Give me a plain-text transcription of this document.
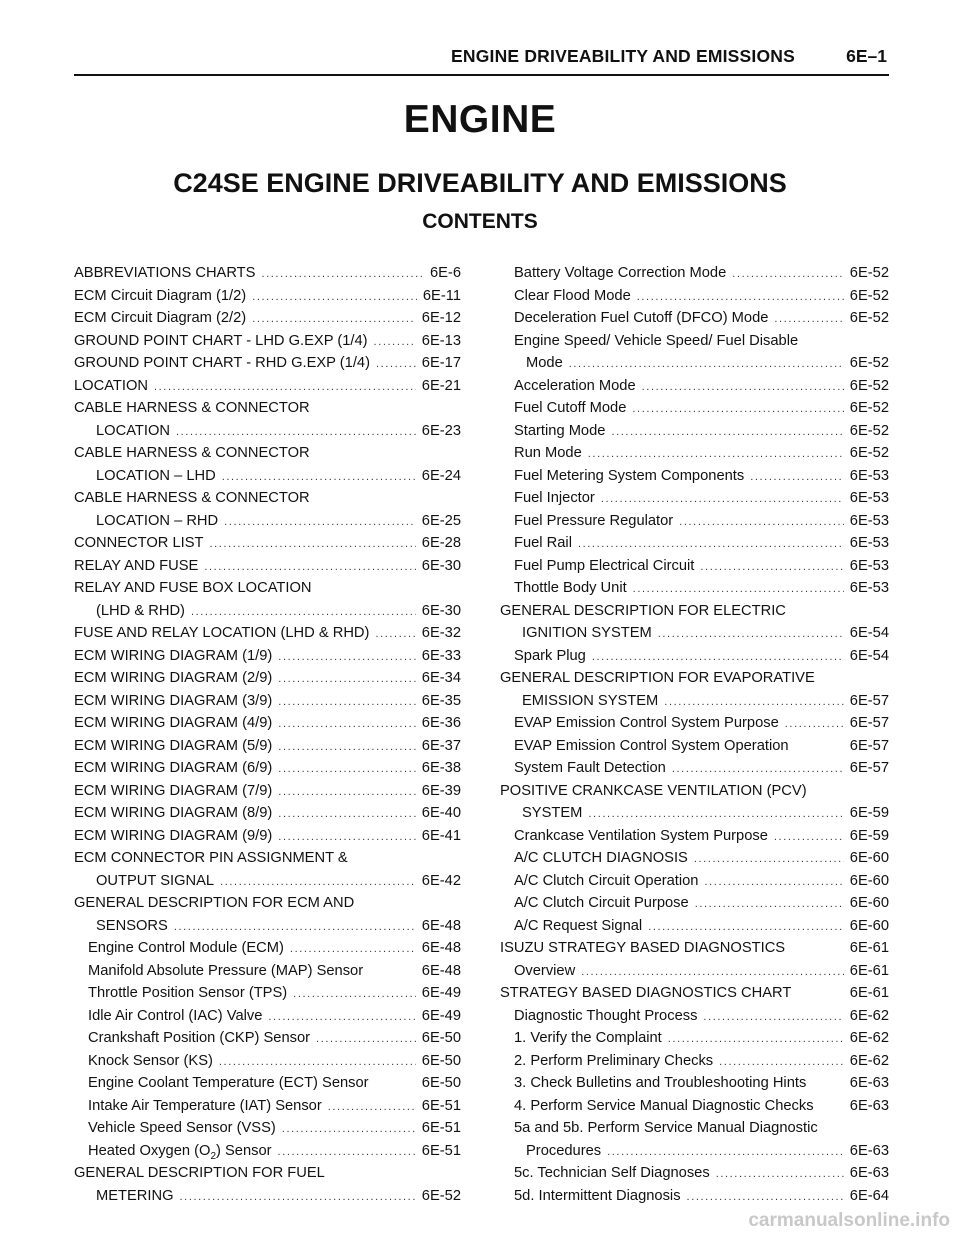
ENGINE DRIVEABILITY AND EMISSIONS	6E–1
ENGINE
C24SE ENGINE DRIVEABILITY AND EMISSIONS
CONTENTS
ABBREVIATIONS CHARTS .....	6E-6
ECM Circuit Diagram (1/2) .....	6E-11
ECM Circuit Diagram (2/2) .....	6E-12
GROUND POINT CHART - LHD G.EXP (1/4) .....	6E-13
GROUND POINT CHART - RHD G.EXP (1/4) .....	6E-17
LOCATION .....	6E-21
CABLE HARNESS & CONNECTOR
LOCATION .....	6E-23
CABLE HARNESS & CONNECTOR
LOCATION – LHD .....	6E-24
CABLE HARNESS & CONNECTOR
LOCATION – RHD .....	6E-25
CONNECTOR LIST .....	6E-28
RELAY AND FUSE .....	6E-30
RELAY AND FUSE BOX LOCATION
(LHD & RHD) .....	6E-30
FUSE AND RELAY LOCATION (LHD & RHD) .....	6E-32
ECM WIRING DIAGRAM (1/9) .....	6E-33
ECM WIRING DIAGRAM (2/9) .....	6E-34
ECM WIRING DIAGRAM (3/9) .....	6E-35
ECM WIRING DIAGRAM (4/9) .....	6E-36
ECM WIRING DIAGRAM (5/9) .....	6E-37
ECM WIRING DIAGRAM (6/9) .....	6E-38
ECM WIRING DIAGRAM (7/9) .....	6E-39
ECM WIRING DIAGRAM (8/9) .....	6E-40
ECM WIRING DIAGRAM (9/9) .....	6E-41
ECM CONNECTOR PIN ASSIGNMENT &
OUTPUT SIGNAL .....	6E-42
GENERAL DESCRIPTION FOR ECM AND
SENSORS .....	6E-48
Engine Control Module (ECM) .....	6E-48
Manifold Absolute Pressure (MAP) Sensor	6E-48
Throttle Position Sensor (TPS) .....	6E-49
Idle Air Control (IAC) Valve .....	6E-49
Crankshaft Position (CKP) Sensor .....	6E-50
Knock Sensor (KS) .....	6E-50
Engine Coolant Temperature (ECT) Sensor	6E-50
Intake Air Temperature (IAT) Sensor .....	6E-51
Vehicle Speed Sensor (VSS) .....	6E-51
Heated Oxygen $(O_2)$ Sensor .....	6E-51
GENERAL DESCRIPTION FOR FUEL
METERING .....	6E-52
Battery Voltage Correction Mode .....	6E-52
Clear Flood Mode .....	6E-52
Deceleration Fuel Cutoff (DFCO) Mode .....	6E-52
Engine Speed/ Vehicle Speed/ Fuel Disable
Mode .....	6E-52
Acceleration Mode .....	6E-52
Fuel Cutoff Mode .....	6E-52
Starting Mode .....	6E-52
Run Mode .....	6E-52
Fuel Metering System Components .....	6E-53
Fuel Injector .....	6E-53
Fuel Pressure Regulator .....	6E-53
Fuel Rail .....	6E-53
Fuel Pump Electrical Circuit .....	6E-53
Thottle Body Unit .....	6E-53
GENERAL DESCRIPTION FOR ELECTRIC
IGNITION SYSTEM .....	6E-54
Spark Plug .....	6E-54
GENERAL DESCRIPTION FOR EVAPORATIVE
EMISSION SYSTEM .....	6E-57
EVAP Emission Control System Purpose .....	6E-57
EVAP Emission Control System Operation	6E-57
System Fault Detection .....	6E-57
POSITIVE CRANKCASE VENTILATION (PCV)
SYSTEM .....	6E-59
Crankcase Ventilation System Purpose .....	6E-59
A/C CLUTCH DIAGNOSIS .....	6E-60
A/C Clutch Circuit Operation .....	6E-60
A/C Clutch Circuit Purpose .....	6E-60
A/C Request Signal .....	6E-60
ISUZU STRATEGY BASED DIAGNOSTICS	6E-61
Overview .....	6E-61
STRATEGY BASED DIAGNOSTICS CHART	6E-61
Diagnostic Thought Process .....	6E-62
1. Verify the Complaint .....	6E-62
2. Perform Preliminary Checks .....	6E-62
3. Check Bulletins and Troubleshooting Hints	6E-63
4. Perform Service Manual Diagnostic Checks 6E-63
5a and 5b. Perform Service Manual Diagnostic
Procedures .....	6E-63
5c. Technician Self Diagnoses .....	6E-63
5d. Intermittent Diagnosis .....	6E-64
carmanualsonline.info
